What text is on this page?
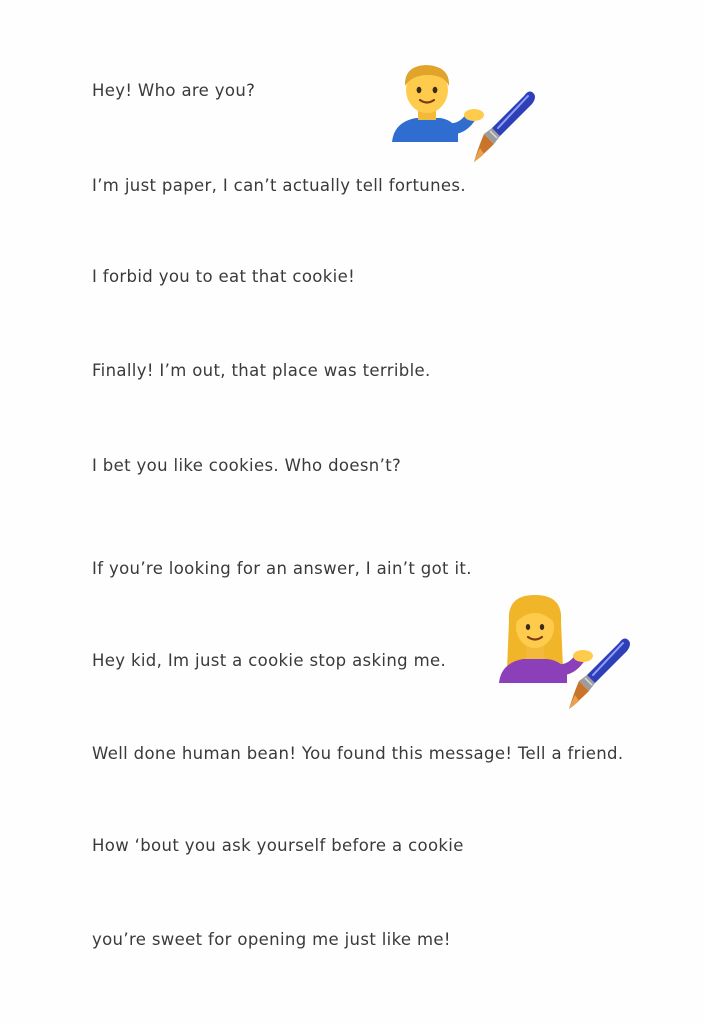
Hey! Who are you?
I’m just paper, I can’t actually tell fortunes.
I forbid you to eat that cookie!
Finally! I’m out, that place was terrible.
I bet you like cookies. Who doesn’t?
If you’re looking for an answer, I ain’t got it.
Hey kid, Im just a cookie stop asking me.
Well done human bean! You found this message! Tell a friend.
How ‘bout you ask yourself before a cookie
you’re sweet for opening me just like me!
